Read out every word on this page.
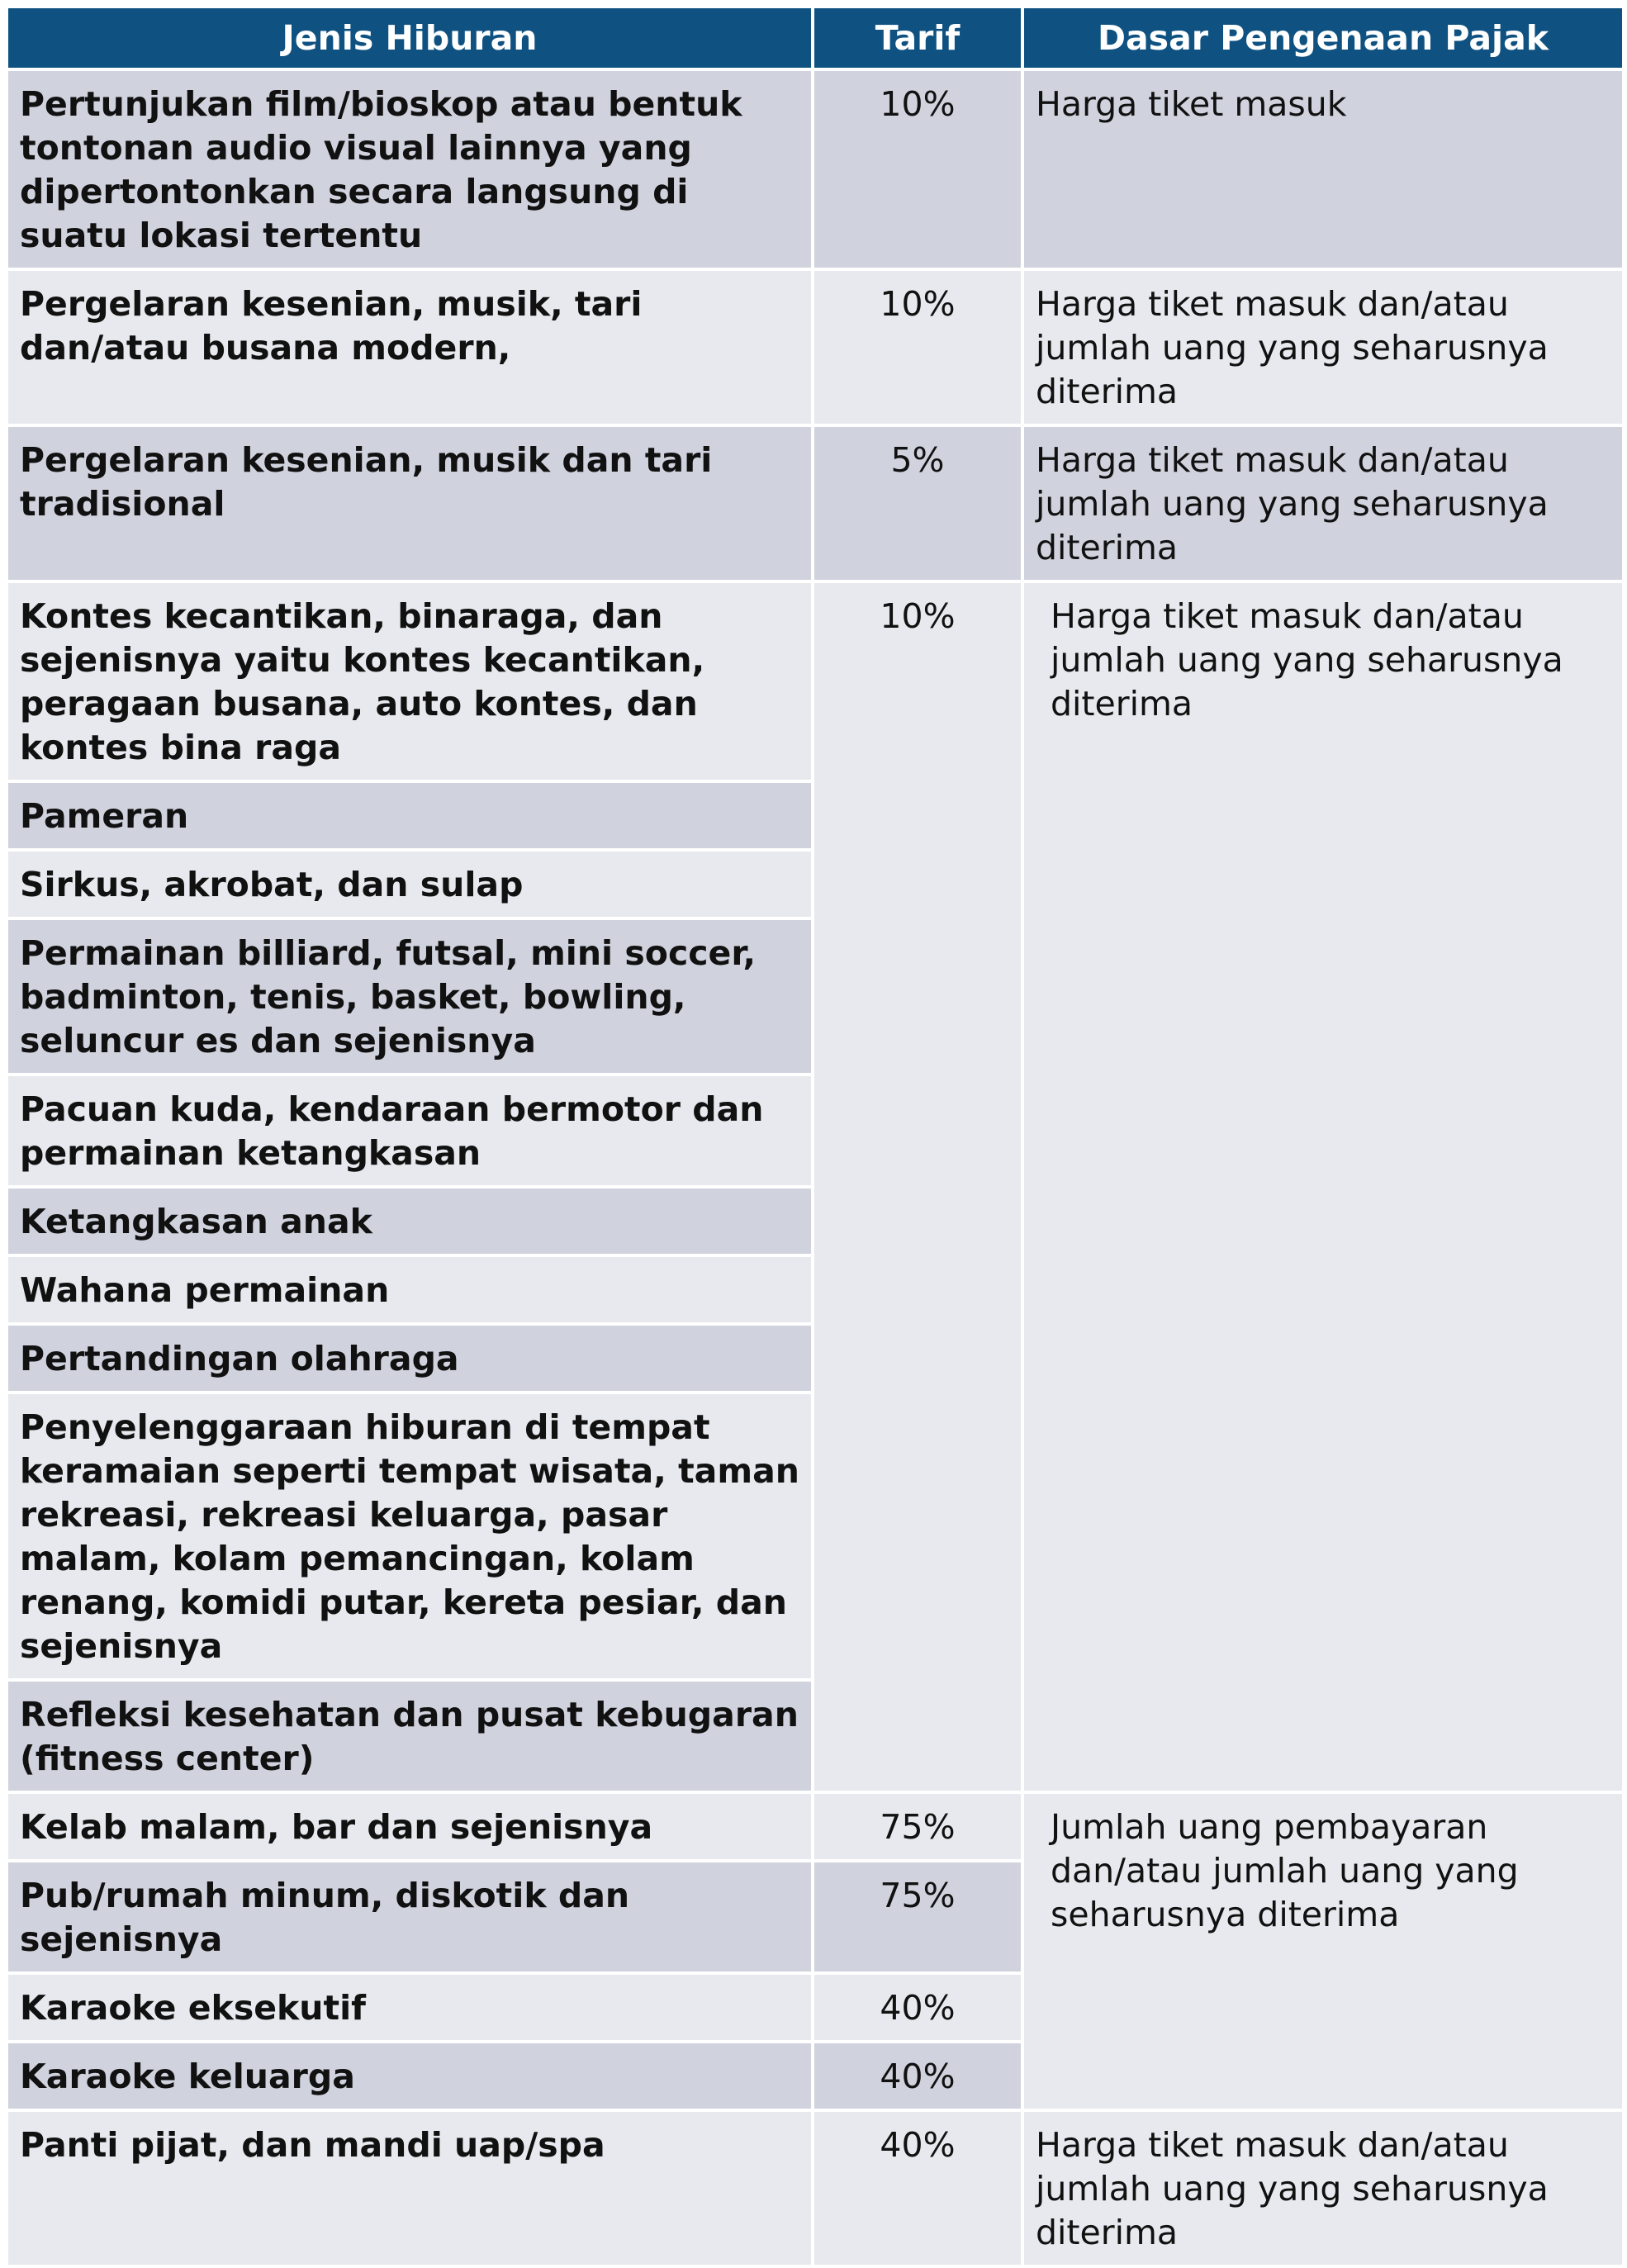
Jenis Hiburan	Tarif	Dasar Pengenaan Pajak
Pertunjukan film/bioskop atau bentuk tontonan audio visual lainnya yang dipertontonkan secara langsung di suatu lokasi tertentu	10%	Harga tiket masuk
Pergelaran kesenian, musik, tari dan/atau busana modern,	10%	Harga tiket masuk dan/atau jumlah uang yang seharusnya diterima
Pergelaran kesenian, musik dan tari tradisional	5%	Harga tiket masuk dan/atau jumlah uang yang seharusnya diterima
Kontes kecantikan, binaraga, dan sejenisnya yaitu kontes kecantikan, peragaan busana, auto kontes, dan kontes bina raga	10%	Harga tiket masuk dan/atau jumlah uang yang seharusnya diterima
Pameran		
Sirkus, akrobat, dan sulap		
Permainan billiard, futsal, mini soccer, badminton, tenis, basket, bowling, seluncur es dan sejenisnya		
Pacuan kuda, kendaraan bermotor dan permainan ketangkasan		
Ketangkasan anak		
Wahana permainan		
Pertandingan olahraga		
Penyelenggaraan hiburan di tempat keramaian seperti tempat wisata, taman rekreasi, rekreasi keluarga, pasar malam, kolam pemancingan, kolam renang, komidi putar, kereta pesiar, dan sejenisnya		
Refleksi kesehatan dan pusat kebugaran (fitness center)		
Kelab malam, bar dan sejenisnya	75%	Jumlah uang pembayaran dan/atau jumlah uang yang seharusnya diterima
Pub/rumah minum, diskotik dan sejenisnya	75%	
Karaoke eksekutif	40%	
Karaoke keluarga	40%	
Panti pijat, dan mandi uap/spa	40%	Harga tiket masuk dan/atau jumlah uang yang seharusnya diterima
